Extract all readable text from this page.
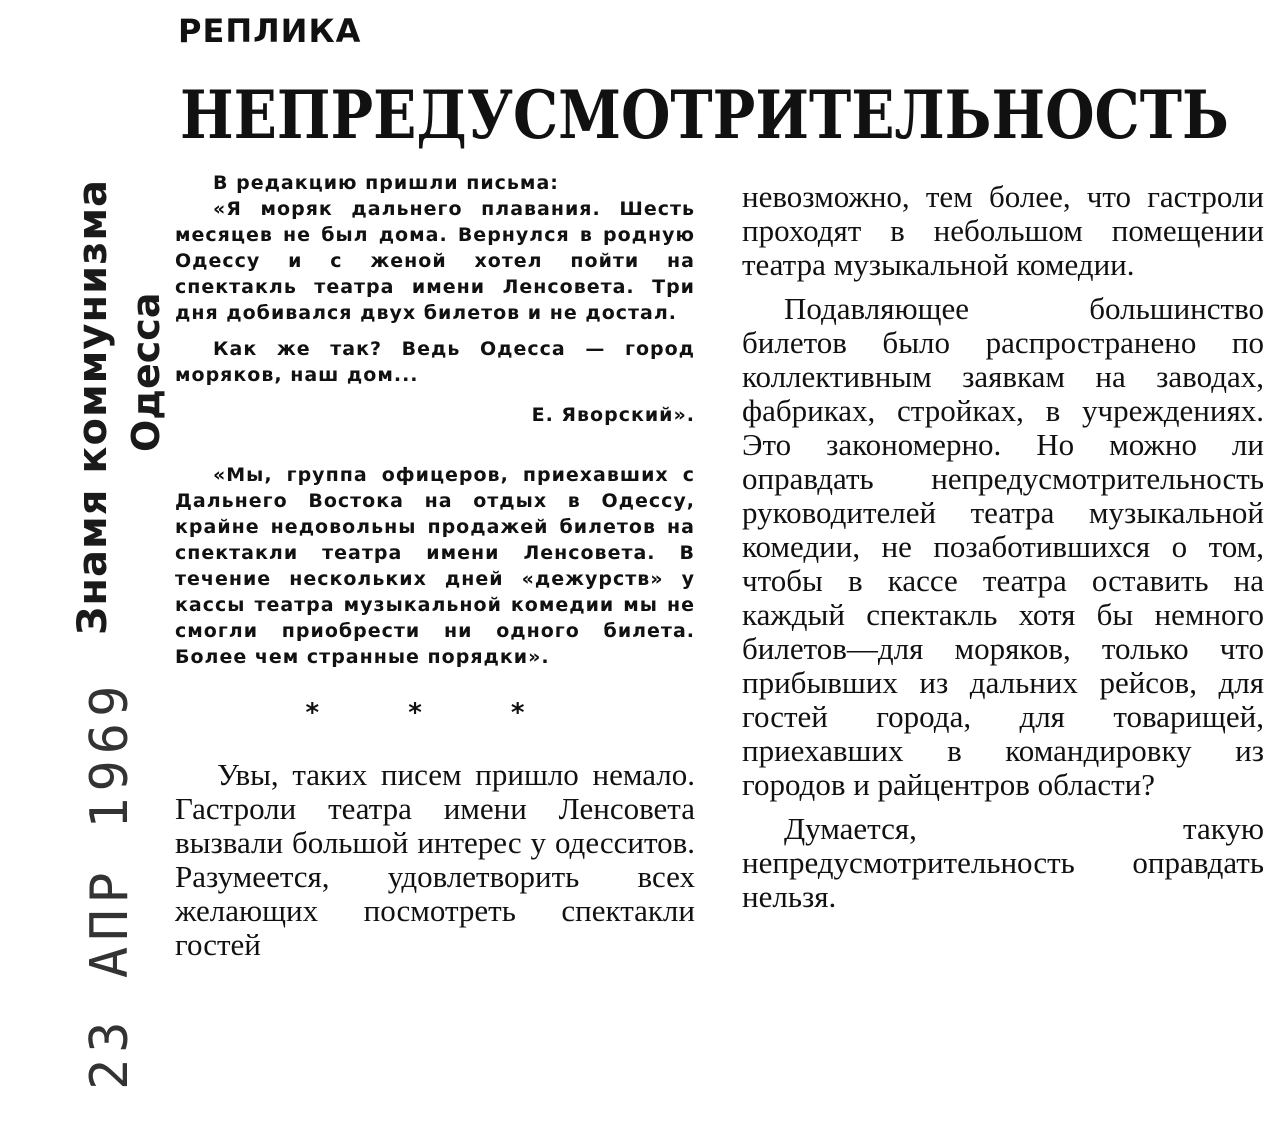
Знамя коммунизма Одесса
23 АПР 1969
РЕПЛИКА
НЕПРЕДУСМОТРИТЕЛЬНОСТЬ

В редакцию пришли письма:

«Я моряк дальнего плавания. Шесть месяцев не был дома. Вернулся в родную Одессу и с женой хотел пойти на спектакль театра имени Ленсовета. Три дня добивался двух билетов и не достал.

Как же так? Ведь Одесса — город моряков, наш дом...

Е. Яворский».

«Мы, группа офицеров, приехавших с Дальнего Востока на отдых в Одессу, крайне недовольны продажей билетов на спектакли театра имени Ленсовета. В течение нескольких дней «дежурств» у кассы театра музыкальной комедии мы не смогли приобрести ни одного билета. Более чем странные порядки».

* * *

Увы, таких писем пришло немало. Гастроли театра имени Ленсовета вызвали большой интерес у одесситов. Разумеется, удовлетворить всех желающих посмотреть спектакли гостей

невозможно, тем более, что гастроли проходят в небольшом помещении театра музыкальной комедии.

Подавляющее большинство билетов было распространено по коллективным заявкам на заводах, фабриках, стройках, в учреждениях. Это закономерно. Но можно ли оправдать непредусмотрительность руководителей театра музыкальной комедии, не позаботившихся о том, чтобы в кассе театра оставить на каждый спектакль хотя бы немного билетов—для моряков, только что прибывших из дальних рейсов, для гостей города, для товарищей, приехавших в командировку из городов и райцентров области?

Думается, такую непредусмотрительность оправдать нельзя.
